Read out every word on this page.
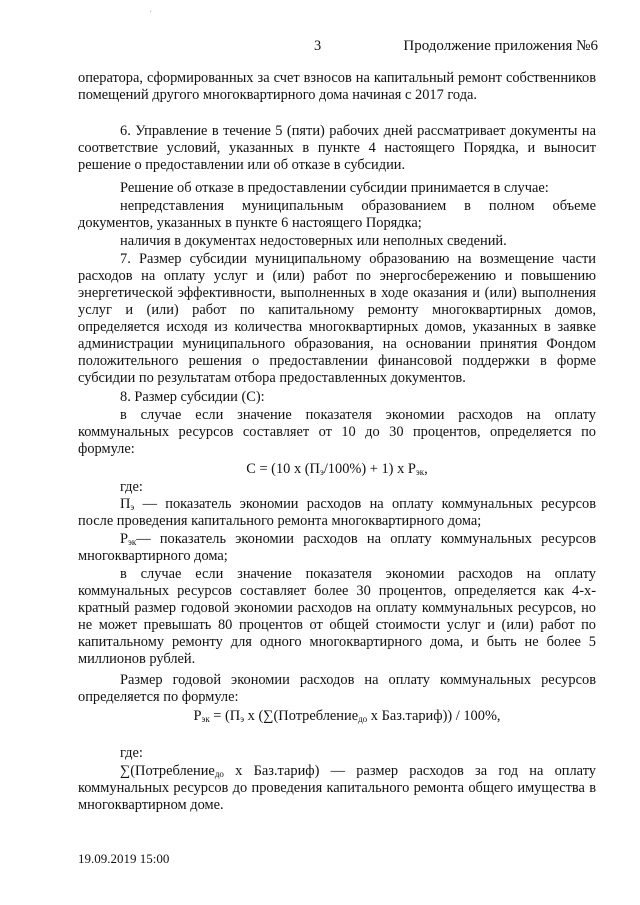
3	Продолжение приложения №6

оператора, сформированных за счет взносов на капитальный ремонт собственников помещений другого многоквартирного дома начиная с 2017 года.

6. Управление в течение 5 (пяти) рабочих дней рассматривает документы на соответствие условий, указанных в пункте 4 настоящего Порядка, и выносит решение о предоставлении или об отказе в субсидии.

Решение об отказе в предоставлении субсидии принимается в случае:

непредставления муниципальным образованием в полном объеме документов, указанных в пункте 6 настоящего Порядка;

наличия в документах недостоверных или неполных сведений.

7. Размер субсидии муниципальному образованию на возмещение части расходов на оплату услуг и (или) работ по энергосбережению и повышению энергетической эффективности, выполненных в ходе оказания и (или) выполнения услуг и (или) работ по капитальному ремонту многоквартирных домов, определяется исходя из количества многоквартирных домов, указанных в заявке администрации муниципального образования, на основании принятия Фондом положительного решения о предоставлении финансовой поддержки в форме субсидии по результатам отбора предоставленных документов.

8. Размер субсидии (С):

в случае если значение показателя экономии расходов на оплату коммунальных ресурсов составляет от 10 до 30 процентов, определяется по формуле:

С = (10 х (Пэ/100%) + 1) х Рэк,

где:

Пэ — показатель экономии расходов на оплату коммунальных ресурсов после проведения капитального ремонта многоквартирного дома;

Рэк— показатель экономии расходов на оплату коммунальных ресурсов многоквартирного дома;

в случае если значение показателя экономии расходов на оплату коммунальных ресурсов составляет более 30 процентов, определяется как 4-х-кратный размер годовой экономии расходов на оплату коммунальных ресурсов, но не может превышать 80 процентов от общей стоимости услуг и (или) работ по капитальному ремонту для одного многоквартирного дома, и быть не более 5 миллионов рублей.

Размер годовой экономии расходов на оплату коммунальных ресурсов определяется по формуле:

Рэк = (Пэ х (∑(Потреблениедо х Баз.тариф)) / 100%,

где:

∑(Потреблениедо х Баз.тариф) — размер расходов за год на оплату коммунальных ресурсов до проведения капитального ремонта общего имущества в многоквартирном доме.

19.09.2019 15:00
'
